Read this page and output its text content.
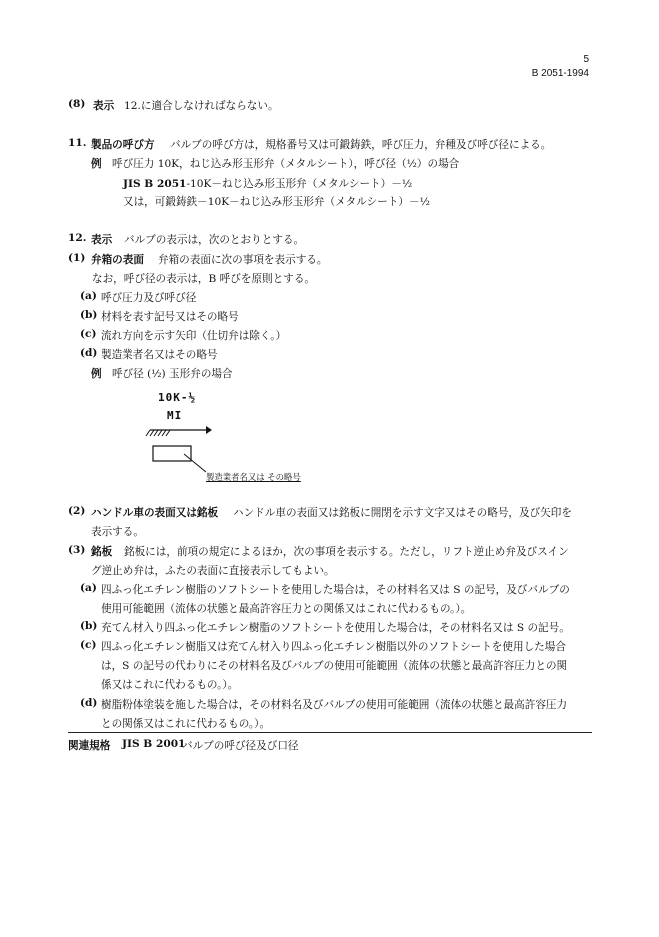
5
B 2051-1994
(8) 表示 12.に適合しなければならない。
11. 製品の呼び方 バルブの呼び方は，規格番号又は可鍛鋳鉄，呼び圧力，弁種及び呼び径による。
例 呼び圧力 10K，ねじ込み形玉形弁（メタルシート），呼び径（½）の場合
JIS B 2051-10K－ねじ込み形玉形弁（メタルシート）－½
又は，可鍛鋳鉄－10K－ねじ込み形玉形弁（メタルシート）－½
12. 表示 バルブの表示は，次のとおりとする。
(1) 弁箱の表面 弁箱の表面に次の事項を表示する。
なお，呼び径の表示は，B 呼びを原則とする。
(a) 呼び圧力及び呼び径
(b) 材料を表す記号又はその略号
(c) 流れ方向を示す矢印（仕切弁は除く。）
(d) 製造業者名又はその略号
例 呼び径 (½) 玉形弁の場合
10K-½
MI
製造業者名又は その略号
(2) ハンドル車の表面又は銘板 ハンドル車の表面又は銘板に開閉を示す文字又はその略号，及び矢印を
表示する。
(3) 銘板 銘板には，前項の規定によるほか，次の事項を表示する。ただし，リフト逆止め弁及びスイン
グ逆止め弁は，ふたの表面に直接表示してもよい。
(a) 四ふっ化エチレン樹脂のソフトシートを使用した場合は，その材料名又は S の記号，及びバルブの
使用可能範囲（流体の状態と最高許容圧力との関係又はこれに代わるもの。）。
(b) 充てん材入り四ふっ化エチレン樹脂のソフトシートを使用した場合は，その材料名又は S の記号。
(c) 四ふっ化エチレン樹脂又は充てん材入り四ふっ化エチレン樹脂以外のソフトシートを使用した場合
は，S の記号の代わりにその材料名及びバルブの使用可能範囲（流体の状態と最高許容圧力との関
係又はこれに代わるもの。）。
(d) 樹脂粉体塗装を施した場合は，その材料名及びバルブの使用可能範囲（流体の状態と最高許容圧力
との関係又はこれに代わるもの。）。
関連規格 JIS B 2001
バルブの呼び径及び口径
